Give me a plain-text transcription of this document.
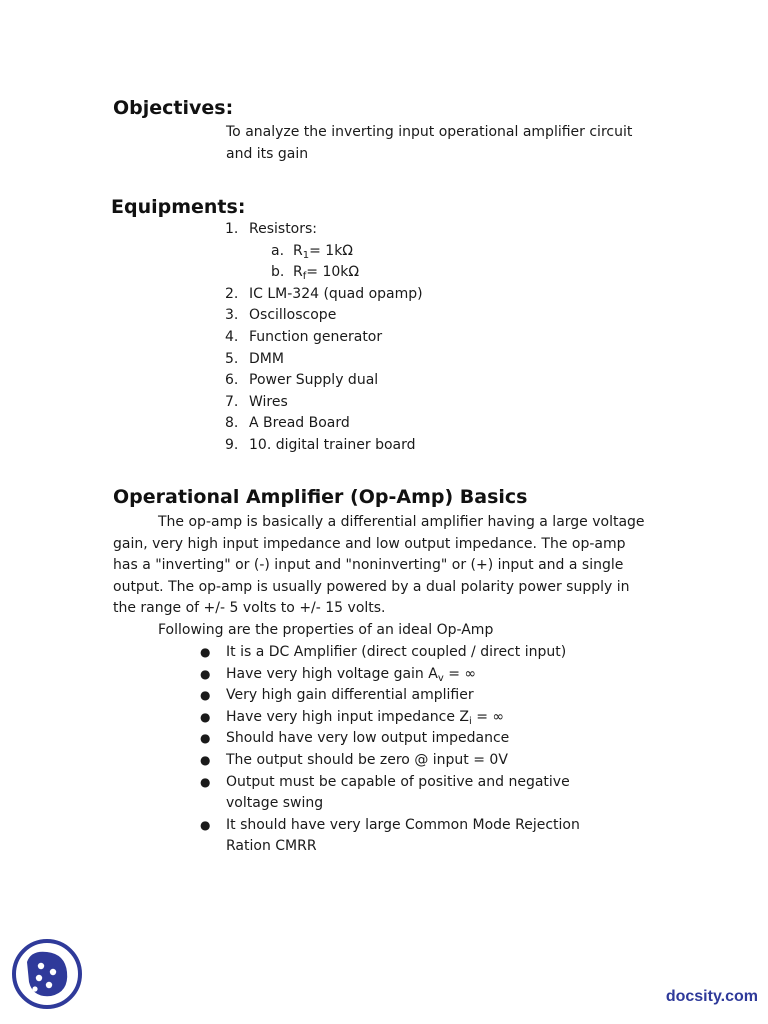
Objectives:

To analyze the inverting input operational amplifier circuit

and its gain

Equipments:
1. Resistors:
a. $R_1= 1k\Omega$
b. $R_f= 10k\Omega$
2. IC LM-324 (quad opamp)
3. Oscilloscope
4. Function generator
5. DMM
6. Power Supply dual
7. Wires
8. A Bread Board
9. 10. digital trainer board
Operational Amplifier (Op-Amp) Basics

The op-amp is basically a differential amplifier having a large voltage gain, very high input impedance and low output impedance. The op-amp has a "inverting" or (-) input and "noninverting" or (+) input and a single output. The op-amp is usually powered by a dual polarity power supply in the range of +/- 5 volts to +/- 15 volts.

Following are the properties of an ideal Op-Amp

● It is a DC Amplifier (direct coupled / direct input)
● Have very high voltage gain $A_v$ = ∞
● Very high gain differential amplifier
● Have very high input impedance $Z_i$ = ∞
● Should have very low output impedance
● The output should be zero @ input = 0V
● Output must be capable of positive and negative voltage swing
● It should have very large Common Mode Rejection Ration CMRR
docsity.com
